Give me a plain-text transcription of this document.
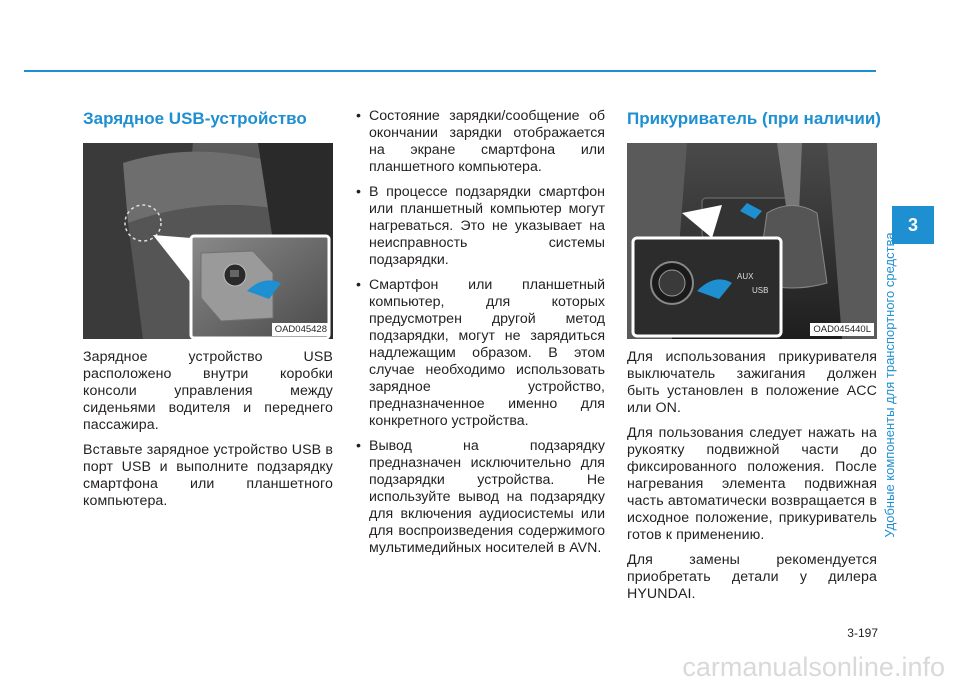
Зарядное USB-устройство
OAD045428

Зарядное устройство USB расположено внутри коробки консоли управления между сиденьями водителя и переднего пассажира.

Вставьте зарядное устройство USB в порт USB и выполните подзарядку смартфона или планшетного компьютера.

• Состояние зарядки/сообщение об окончании зарядки отображается на экране смартфона или планшетного компьютера.
• В процессе подзарядки смартфон или планшетный компьютер могут нагреваться. Это не указывает на неисправность системы подзарядки.
• Смартфон или планшетный компьютер, для которых предусмотрен другой метод подзарядки, могут не зарядиться надлежащим образом. В этом случае необходимо использовать зарядное устройство, предназначенное именно для конкретного устройства.
• Вывод на подзарядку предназначен исключительно для подзарядки устройства. Не используйте вывод на подзарядку для включения аудиосистемы или для воспроизведения содержимого мультимедийных носителей в AVN.
Прикуриватель (при наличии)
AUX
USB
OAD045440L

Для использования прикуривателя выключатель зажигания должен быть установлен в положение ACC или ON.

Для пользования следует нажать на рукоятку подвижной части до фиксированного положения. После нагревания элемента подвижная часть автоматически возвращается в исходное положение, прикуриватель готов к применению.

Для замены рекомендуется приобретать детали у дилера HYUNDAI.

3
Удобные компоненты для транспортного средства
3-197
carmanualsonline.info
